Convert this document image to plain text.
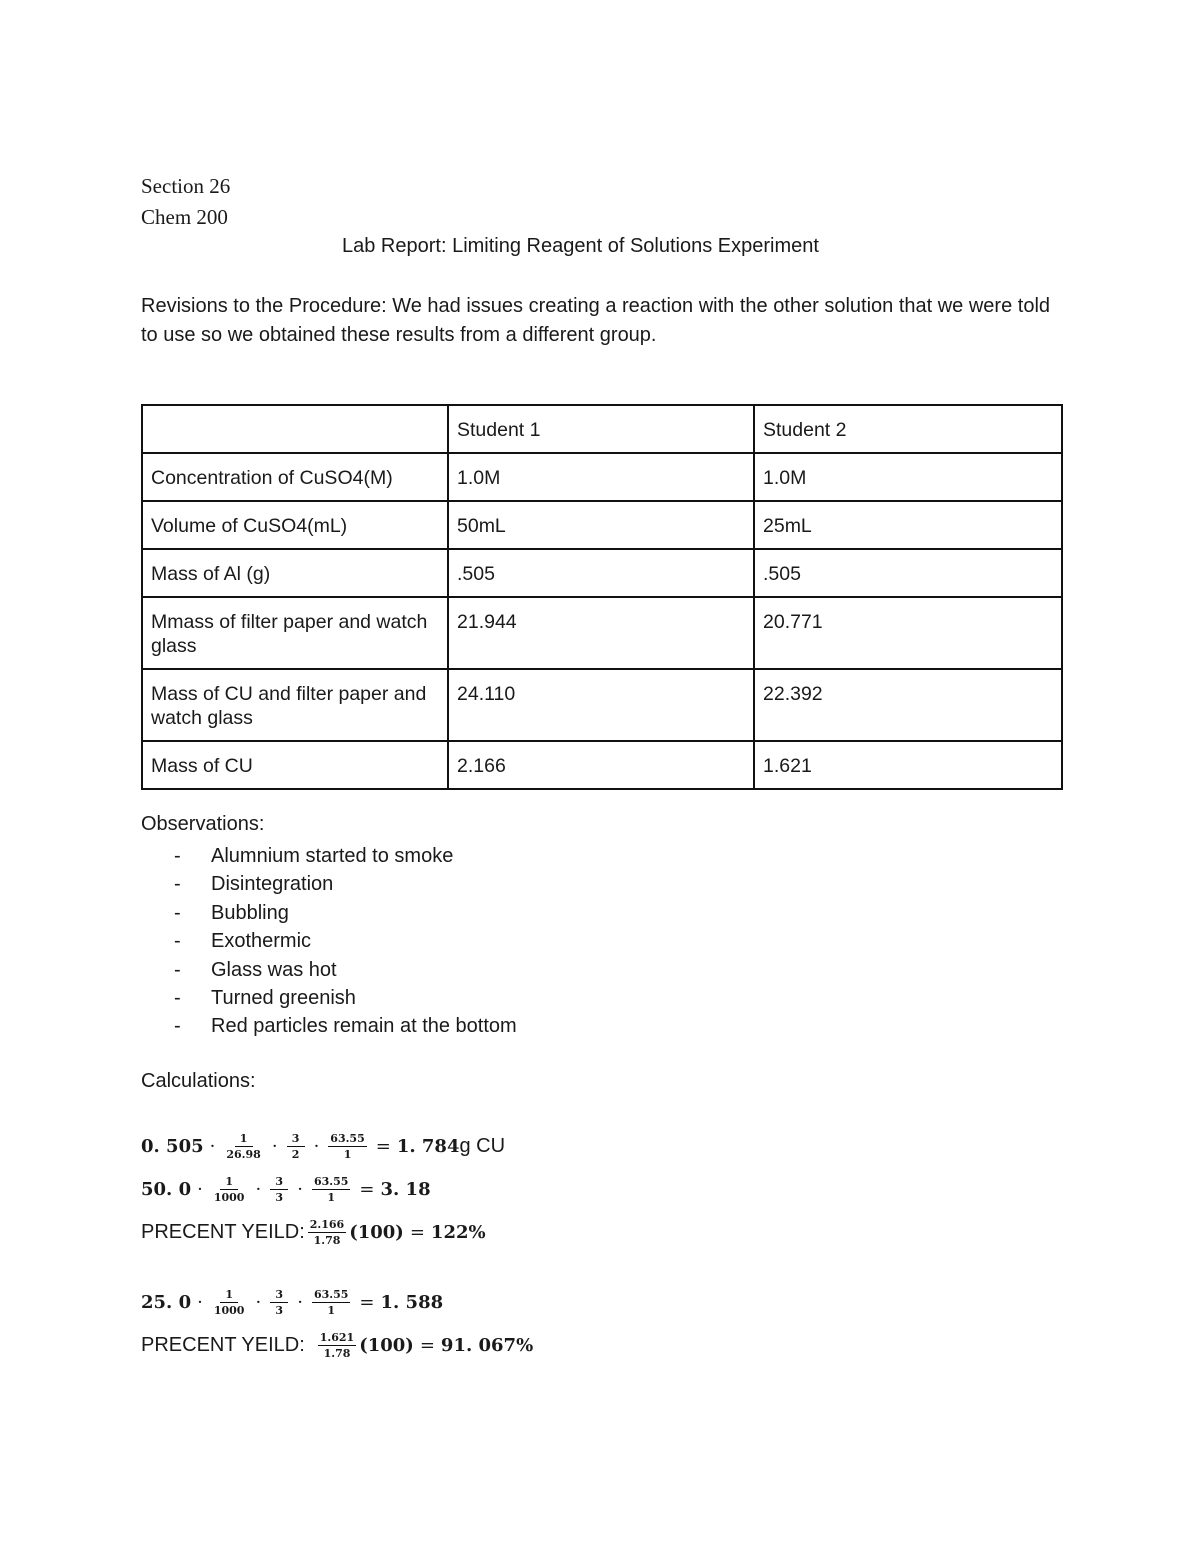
Section 26
Chem 200
Lab Report: Limiting Reagent of Solutions Experiment
Revisions to the Procedure: We had issues creating a reaction with the other solution that we were told to use so we obtained these results from a different group.
	Student 1	Student 2
Concentration of CuSO4(M)	1.0M	1.0M
Volume of CuSO4(mL)	50mL	25mL
Mass of Al (g)	.505	.505
Mmass of filter paper and watch glass	21.944	20.771
Mass of CU and filter paper and watch glass	24.110	22.392
Mass of CU	2.166	1.621
Observations:
- Alumnium started to smoke
- Disintegration
- Bubbling
- Exothermic
- Glass was hot
- Turned greenish
- Red particles remain at the bottom
Calculations:
0. $505 \cdot \frac{1}{26.98} \cdot \frac{3}{2} \cdot \frac{63.55}{1} = 1$. 784 g CU
50. $0 \cdot \frac{1}{1000} \cdot \frac{3}{3} \cdot \frac{63.55}{1} = 3$. 18
PRECENT YEILD: $\frac{2.166}{1.78} (100) = 122\%$
25. $0 \cdot \frac{1}{1000} \cdot \frac{3}{3} \cdot \frac{63.55}{1} = 1$. 588
PRECENT YEILD: $\frac{1.621}{1.78} (100) = 91$. 067%
